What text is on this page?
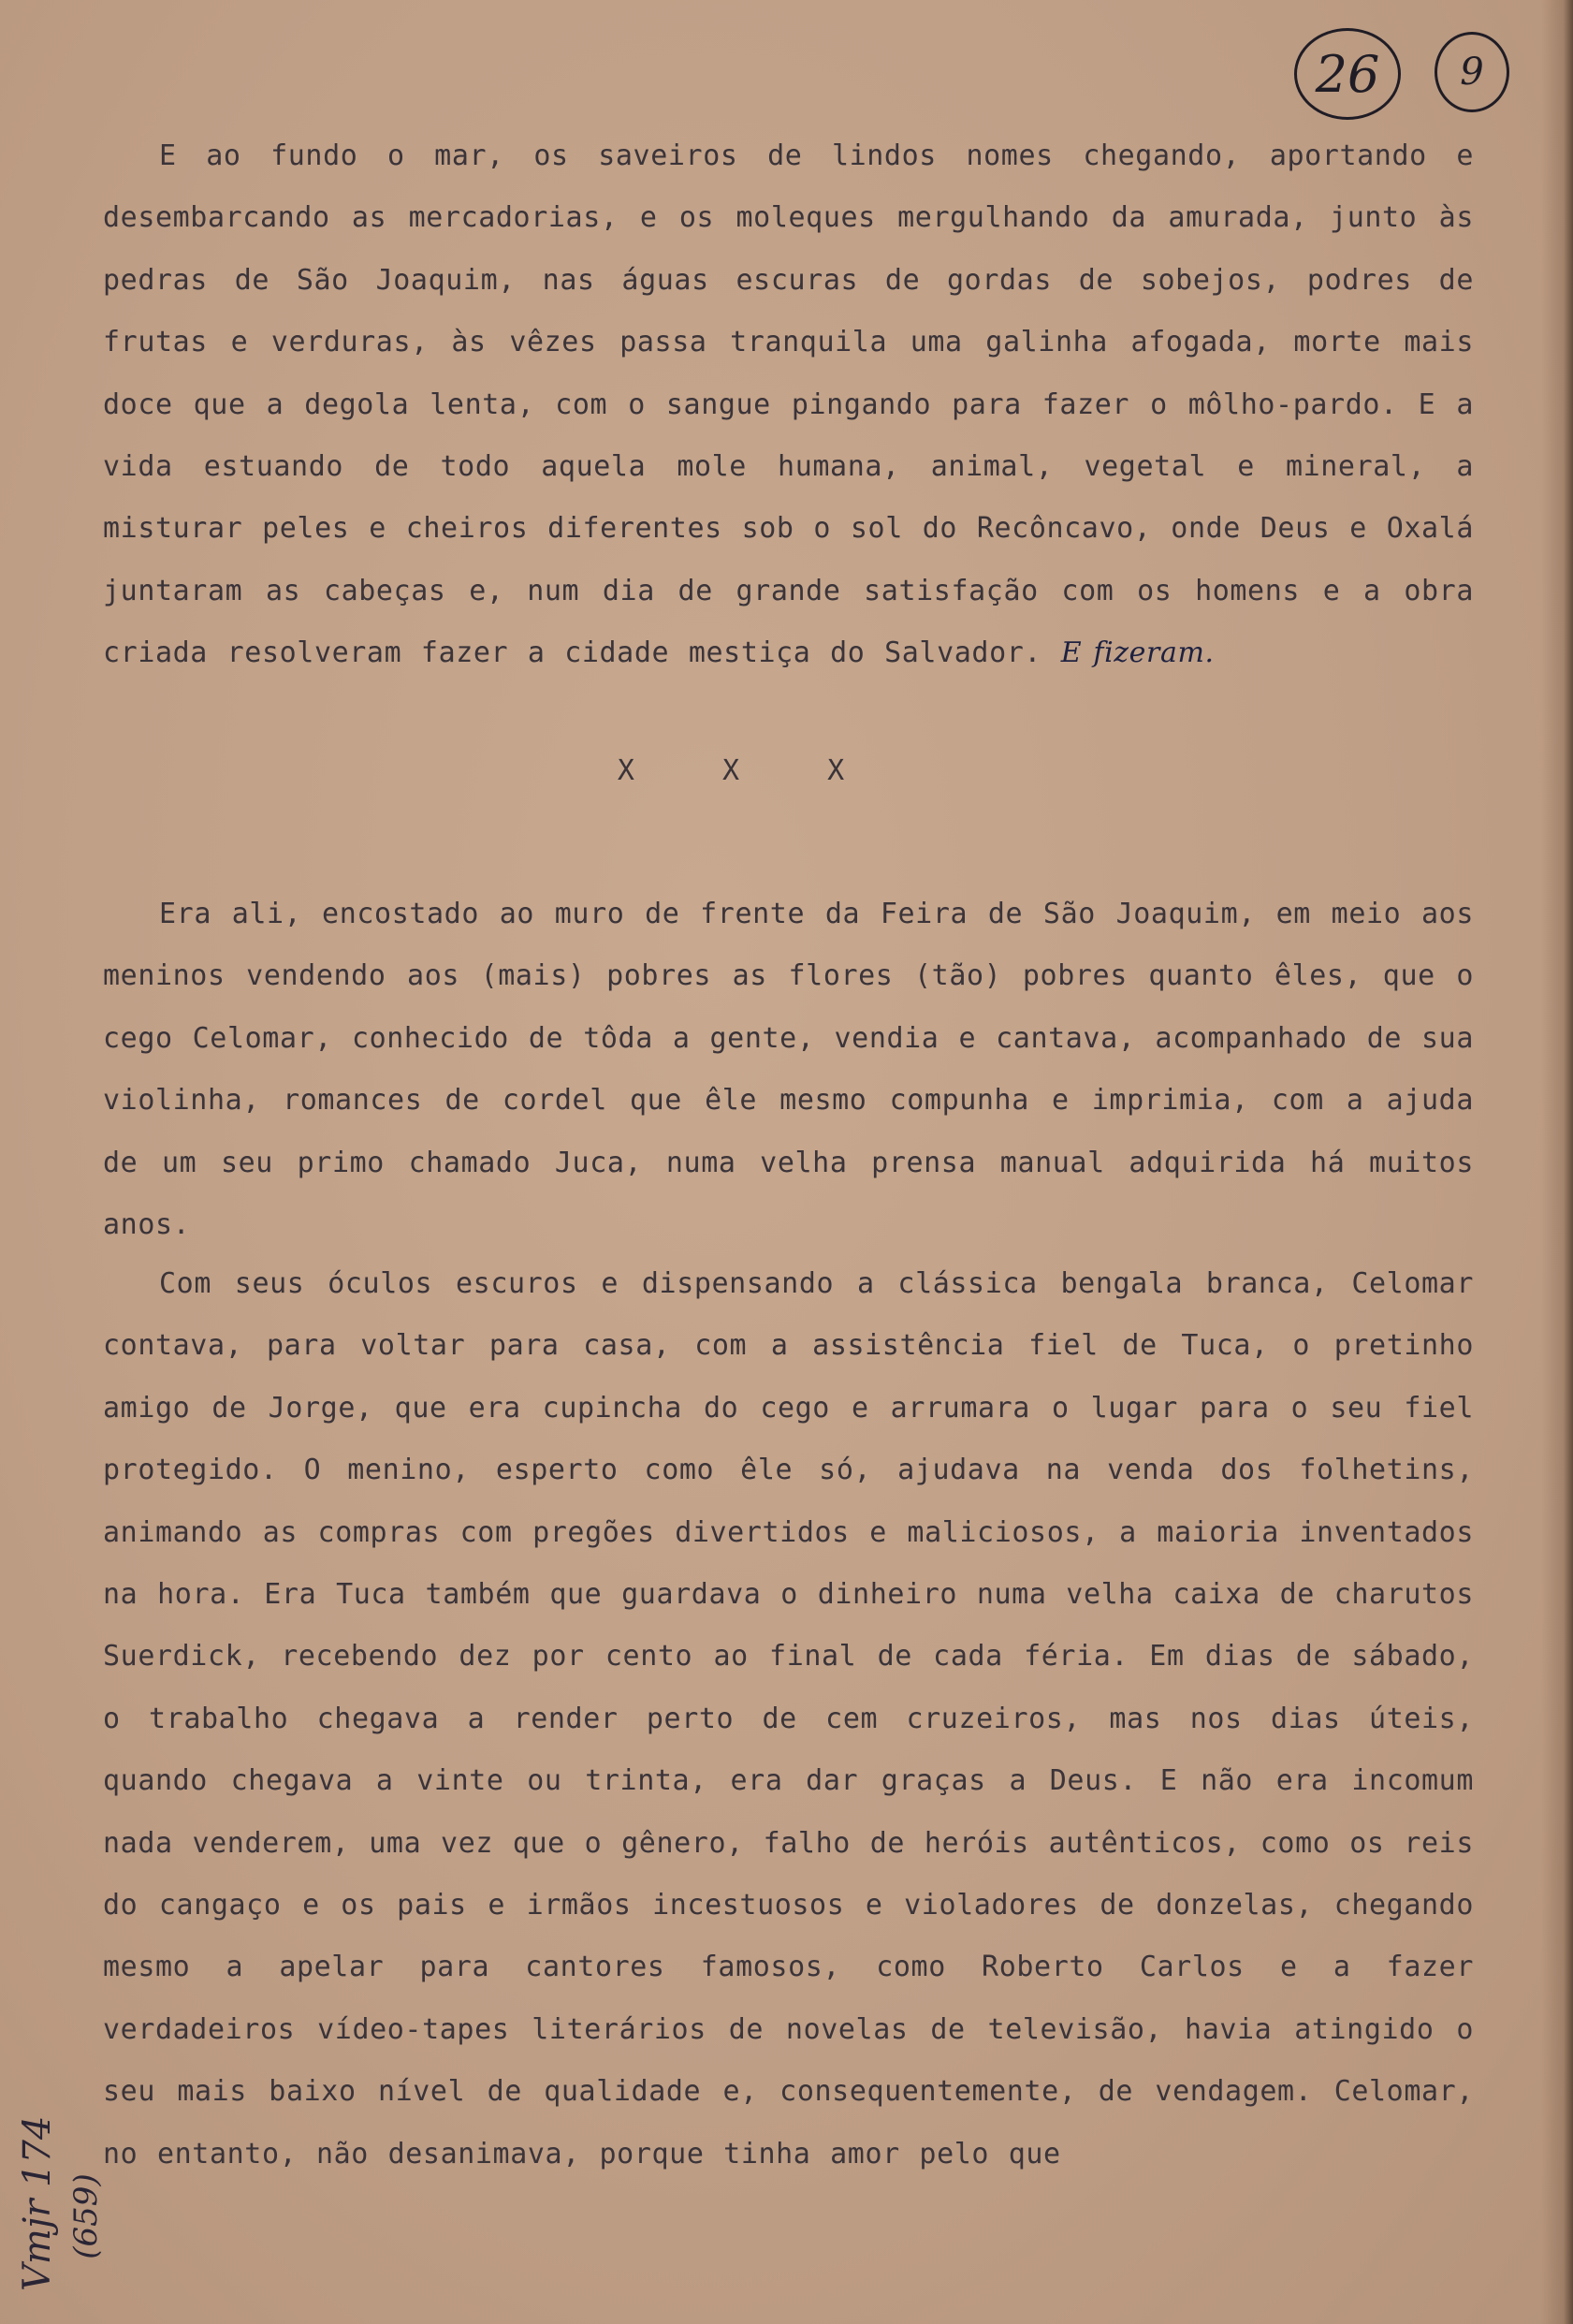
26 9

E ao fundo o mar, os saveiros de lindos nomes chegando, aportando e desembarcando as mercadorias, e os moleques mergulhando da amurada, junto às pedras de São Joaquim, nas águas escuras de gordas de sobejos, podres de frutas e verduras, às vêzes passa tranquila uma galinha afogada, morte mais doce que a degola lenta, com o sangue pingando para fazer o môlho-pardo. E a vida estuando de todo aquela mole humana, animal, vegetal e mineral, a misturar peles e cheiros diferentes sob o sol do Recôncavo, onde Deus e Oxalá juntaram as cabeças e, num dia de grande satisfação com os homens e a obra criada resolveram fazer a cidade mestiça do Salvador. E fizeram.

X X X

Era ali, encostado ao muro de frente da Feira de São Joaquim, em meio aos meninos vendendo aos (mais) pobres as flores (tão) pobres quanto êles, que o cego Celomar, conhecido de tôda a gente, vendia e cantava, acompanhado de sua violinha, romances de cordel que êle mesmo compunha e imprimia, com a ajuda de um seu primo chamado Juca, numa velha prensa manual adquirida há muitos anos.

Com seus óculos escuros e dispensando a clássica bengala branca, Celomar contava, para voltar para casa, com a assistência fiel de Tuca, o pretinho amigo de Jorge, que era cupincha do cego e arrumara o lugar para o seu fiel protegido. O menino, esperto como êle só, ajudava na venda dos folhetins, animando as compras com pregões divertidos e maliciosos, a maioria inventados na hora. Era Tuca também que guardava o dinheiro numa velha caixa de charutos Suerdick, recebendo dez por cento ao final de cada féria. Em dias de sábado, o trabalho chegava a render perto de cem cruzeiros, mas nos dias úteis, quando chegava a vinte ou trinta, era dar graças a Deus. E não era incomum nada venderem, uma vez que o gênero, falho de heróis autênticos, como os reis do cangaço e os pais e irmãos incestuosos e violadores de donzelas, chegando mesmo a apelar para cantores famosos, como Roberto Carlos e a fazer verdadeiros vídeo-tapes literários de novelas de televisão, havia atingido o seu mais baixo nível de qualidade e, consequentemente, de vendagem. Celomar, no entanto, não desanimava, porque tinha amor pelo que

Vmjr 174 (659)
